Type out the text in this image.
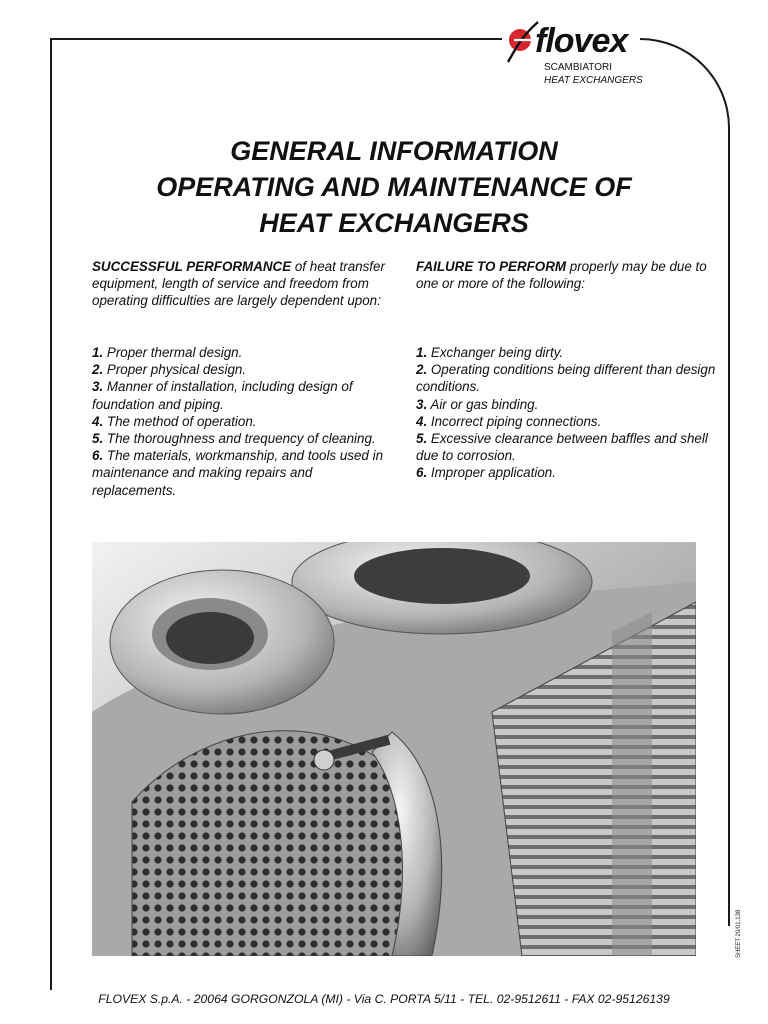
flovex
SCAMBIATORI
HEAT EXCHANGERS
GENERAL INFORMATION
OPERATING AND MAINTENANCE OF
HEAT EXCHANGERS

SUCCESSFUL PERFORMANCE of heat transfer equipment, length of service and freedom from operating difficulties are largely dependent upon:

1. Proper thermal design.
2. Proper physical design.
3. Manner of installation, including design of foundation and piping.
4. The method of operation.
5. The thoroughness and trequency of cleaning.
6. The materials, workmanship, and tools used in maintenance and making repairs and replacements.

FAILURE TO PERFORM properly may be due to one or more of the following:

1. Exchanger being dirty.
2. Operating conditions being different than design conditions.
3. Air or gas binding.
4. Incorrect piping connections.
5. Excessive clearance between baffles and shell due to corrosion.
6. Improper application.
SHEET 20/01.138
FLOVEX S.p.A. - 20064 GORGONZOLA (MI) - Via C. PORTA 5/11 - TEL. 02-9512611 - FAX 02-95126139
